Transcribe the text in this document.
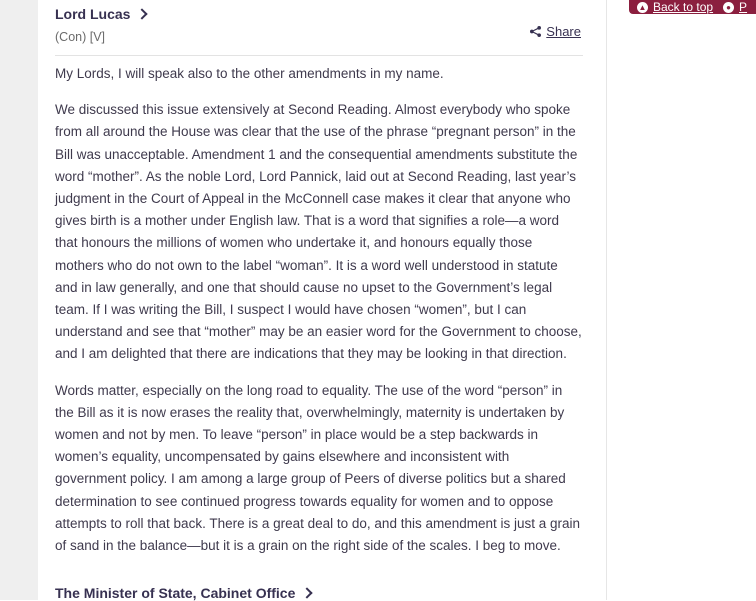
Lord Lucas
(Con) [V]	Share

My Lords, I will speak also to the other amendments in my name.

We discussed this issue extensively at Second Reading. Almost everybody who spoke from all around the House was clear that the use of the phrase “pregnant person” in the Bill was unacceptable. Amendment 1 and the consequential amendments substitute the word “mother”. As the noble Lord, Lord Pannick, laid out at Second Reading, last year’s judgment in the Court of Appeal in the McConnell case makes it clear that anyone who gives birth is a mother under English law. That is a word that signifies a role—a word that honours the millions of women who undertake it, and honours equally those mothers who do not own to the label “woman”. It is a word well understood in statute and in law generally, and one that should cause no upset to the Government’s legal team. If I was writing the Bill, I suspect I would have chosen “women”, but I can understand and see that “mother” may be an easier word for the Government to choose, and I am delighted that there are indications that they may be looking in that direction.

Words matter, especially on the long road to equality. The use of the word “person” in the Bill as it is now erases the reality that, overwhelmingly, maternity is undertaken by women and not by men. To leave “person” in place would be a step backwards in women’s equality, uncompensated by gains elsewhere and inconsistent with government policy. I am among a large group of Peers of diverse politics but a shared determination to see continued progress towards equality for women and to oppose attempts to roll that back. There is a great deal to do, and this amendment is just a grain of sand in the balance—but it is a grain on the right side of the scales. I beg to move.

The Minister of State, Cabinet Office
▲ Back to top	● P
